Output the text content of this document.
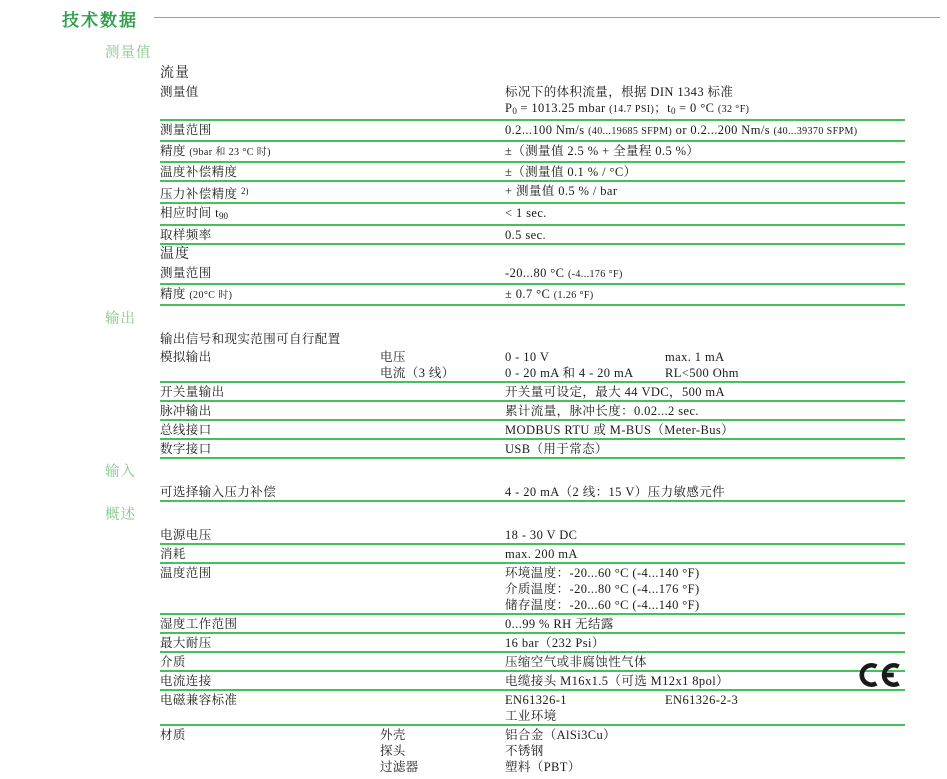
技术数据
测量值
流量
测量值	标况下的体积流量，根据 DIN 1343 标准
$P_0 = 1013.25$ mbar (14.7 PSI)；$t_0 = 0$ °C (32 °F)
测量范围	0.2...100 Nm/s (40...19685 SFPM) or 0.2...200 Nm/s (40...39370 SFPM)
精度 (9bar 和 23 °C 时)	±（测量值 2.5 % + 全量程 0.5 %）
温度补偿精度	±（测量值 0.1 % / °C）
压力补偿精度 $^{2)}$	+ 测量值 0.5 % / bar
相应时间 $t_{90}$	< 1 sec.
取样频率	0.5 sec.
温度
测量范围	-20...80 °C (-4...176 °F)
精度 (20°C 时)	± 0.7 °C (1.26 °F)
输出
输出信号和现实范围可自行配置
模拟输出	电压	0 - 10 V	max. 1 mA
电流（3 线）	0 - 20 mA 和 4 - 20 mA	RL<500 Ohm
开关量输出	开关量可设定，最大 44 VDC，500 mA
脉冲输出	累计流量，脉冲长度：0.02...2 sec.
总线接口	MODBUS RTU 或 M-BUS（Meter-Bus）
数字接口	USB（用于常态）
输入
可选择输入压力补偿	4 - 20 mA（2 线：15 V）压力敏感元件
概述
电源电压	18 - 30 V DC
消耗	max. 200 mA
温度范围	环境温度：-20...60 °C (-4...140 °F)
介质温度：-20...80 °C (-4...176 °F)
储存温度：-20...60 °C (-4...140 °F)
湿度工作范围	0...99 % RH 无结露
最大耐压	16 bar（232 Psi）
介质	压缩空气或非腐蚀性气体
电流连接	电缆接头 M16x1.5（可选 M12x1 8pol）
电磁兼容标准	EN61326-1	EN61326-2-3
工业环境
材质	外壳	铝合金（AlSi3Cu）
探头	不锈钢
过滤器	塑料（PBT）
